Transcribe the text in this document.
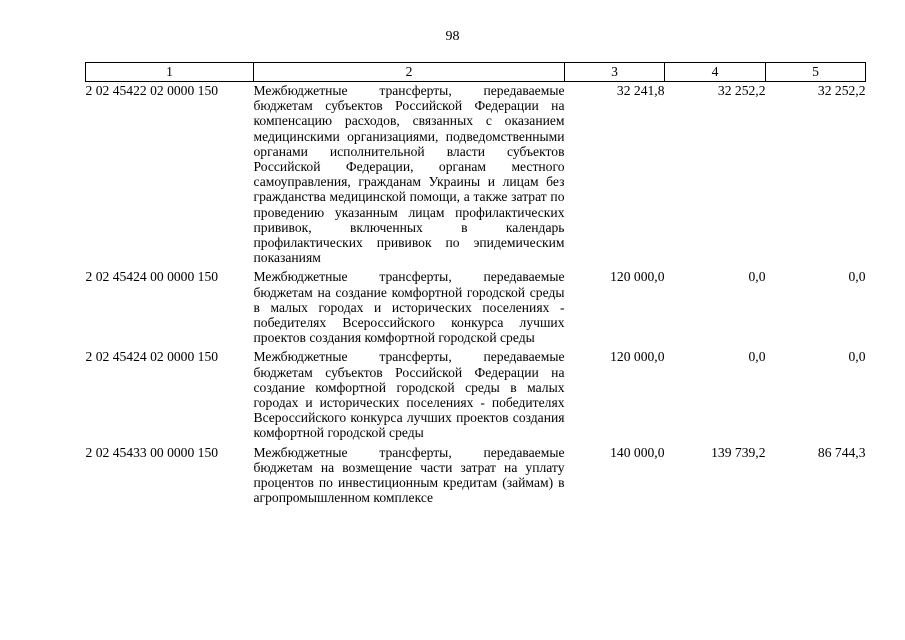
98
1	2	3	4	5
2 02 45422 02 0000 150	Межбюджетные трансферты, передаваемые бюджетам субъектов Российской Федерации на компенсацию расходов, связанных с оказанием медицинскими организациями, подведомственными органами исполнительной власти субъектов Российской Федерации, органам местного самоуправления, гражданам Украины и лицам без гражданства медицинской помощи, а также затрат по проведению указанным лицам профилактических прививок, включенных в календарь профилактических прививок по эпидемическим показаниям	32 241,8	32 252,2	32 252,2
2 02 45424 00 0000 150	Межбюджетные трансферты, передаваемые бюджетам на создание комфортной городской среды в малых городах и исторических поселениях - победителях Всероссийского конкурса лучших проектов создания комфортной городской среды	120 000,0	0,0	0,0
2 02 45424 02 0000 150	Межбюджетные трансферты, передаваемые бюджетам субъектов Российской Федерации на создание комфортной городской среды в малых городах и исторических поселениях - победителях Всероссийского конкурса лучших проектов создания комфортной городской среды	120 000,0	0,0	0,0
2 02 45433 00 0000 150	Межбюджетные трансферты, передаваемые бюджетам на возмещение части затрат на уплату процентов по инвестиционным кредитам (займам) в агропромышленном комплексе	140 000,0	139 739,2	86 744,3
